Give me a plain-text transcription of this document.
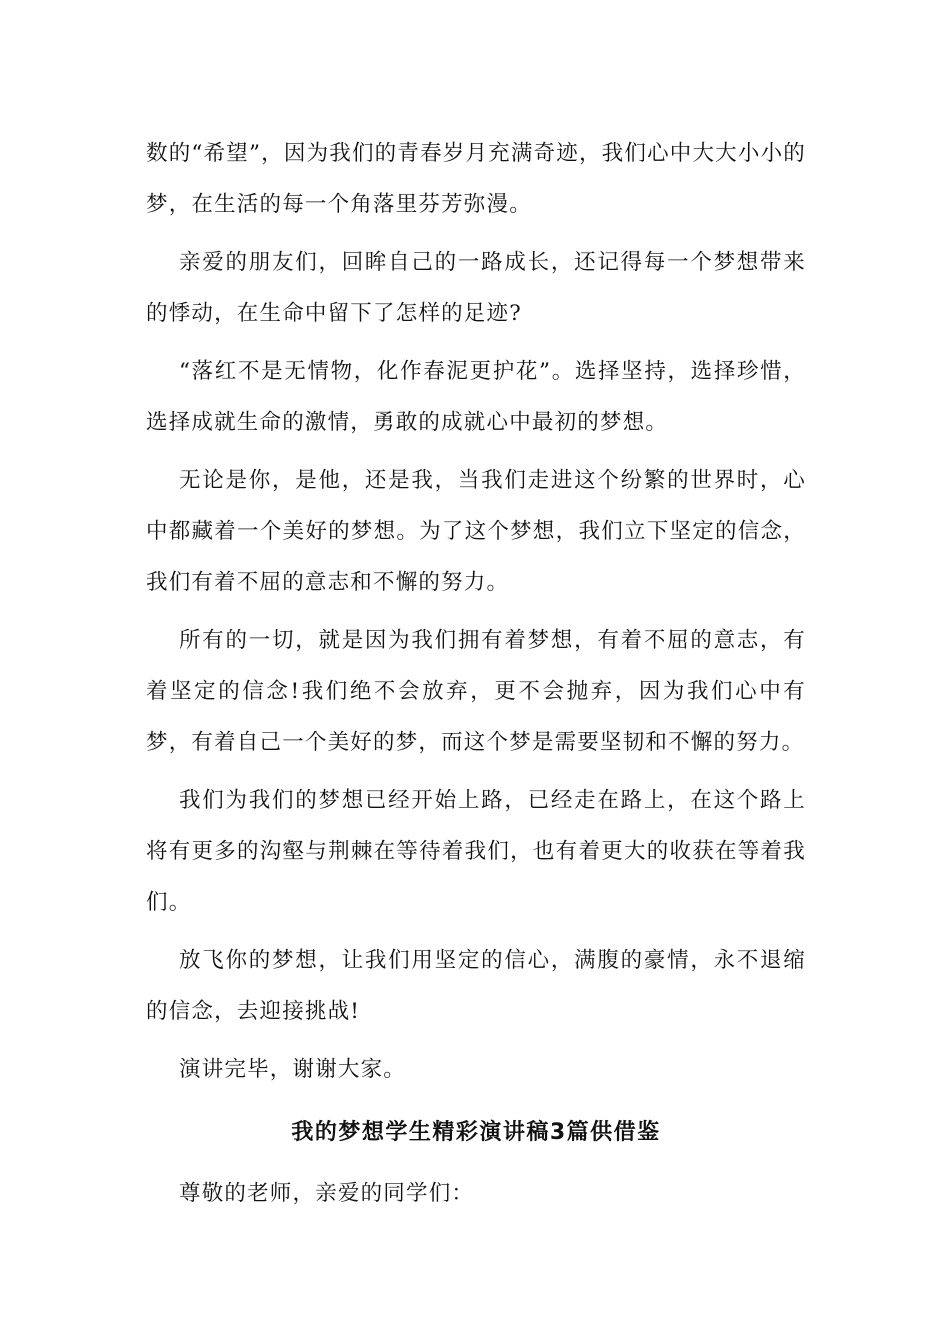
数的“希望”，因为我们的青春岁月充满奇迹，我们心中大大小小的梦，在生活的每一个角落里芬芳弥漫。

亲爱的朋友们，回眸自己的一路成长，还记得每一个梦想带来的悸动，在生命中留下了怎样的足迹?

“落红不是无情物，化作春泥更护花”。选择坚持，选择珍惜，选择成就生命的激情，勇敢的成就心中最初的梦想。

无论是你，是他，还是我，当我们走进这个纷繁的世界时，心中都藏着一个美好的梦想。为了这个梦想，我们立下坚定的信念，我们有着不屈的意志和不懈的努力。

所有的一切，就是因为我们拥有着梦想，有着不屈的意志，有着坚定的信念!我们绝不会放弃，更不会抛弃，因为我们心中有梦，有着自己一个美好的梦，而这个梦是需要坚韧和不懈的努力。

我们为我们的梦想已经开始上路，已经走在路上，在这个路上将有更多的沟壑与荆棘在等待着我们，也有着更大的收获在等着我们。

放飞你的梦想，让我们用坚定的信心，满腹的豪情，永不退缩的信念，去迎接挑战!

演讲完毕，谢谢大家。

我的梦想学生精彩演讲稿3篇供借鉴

尊敬的老师，亲爱的同学们：
